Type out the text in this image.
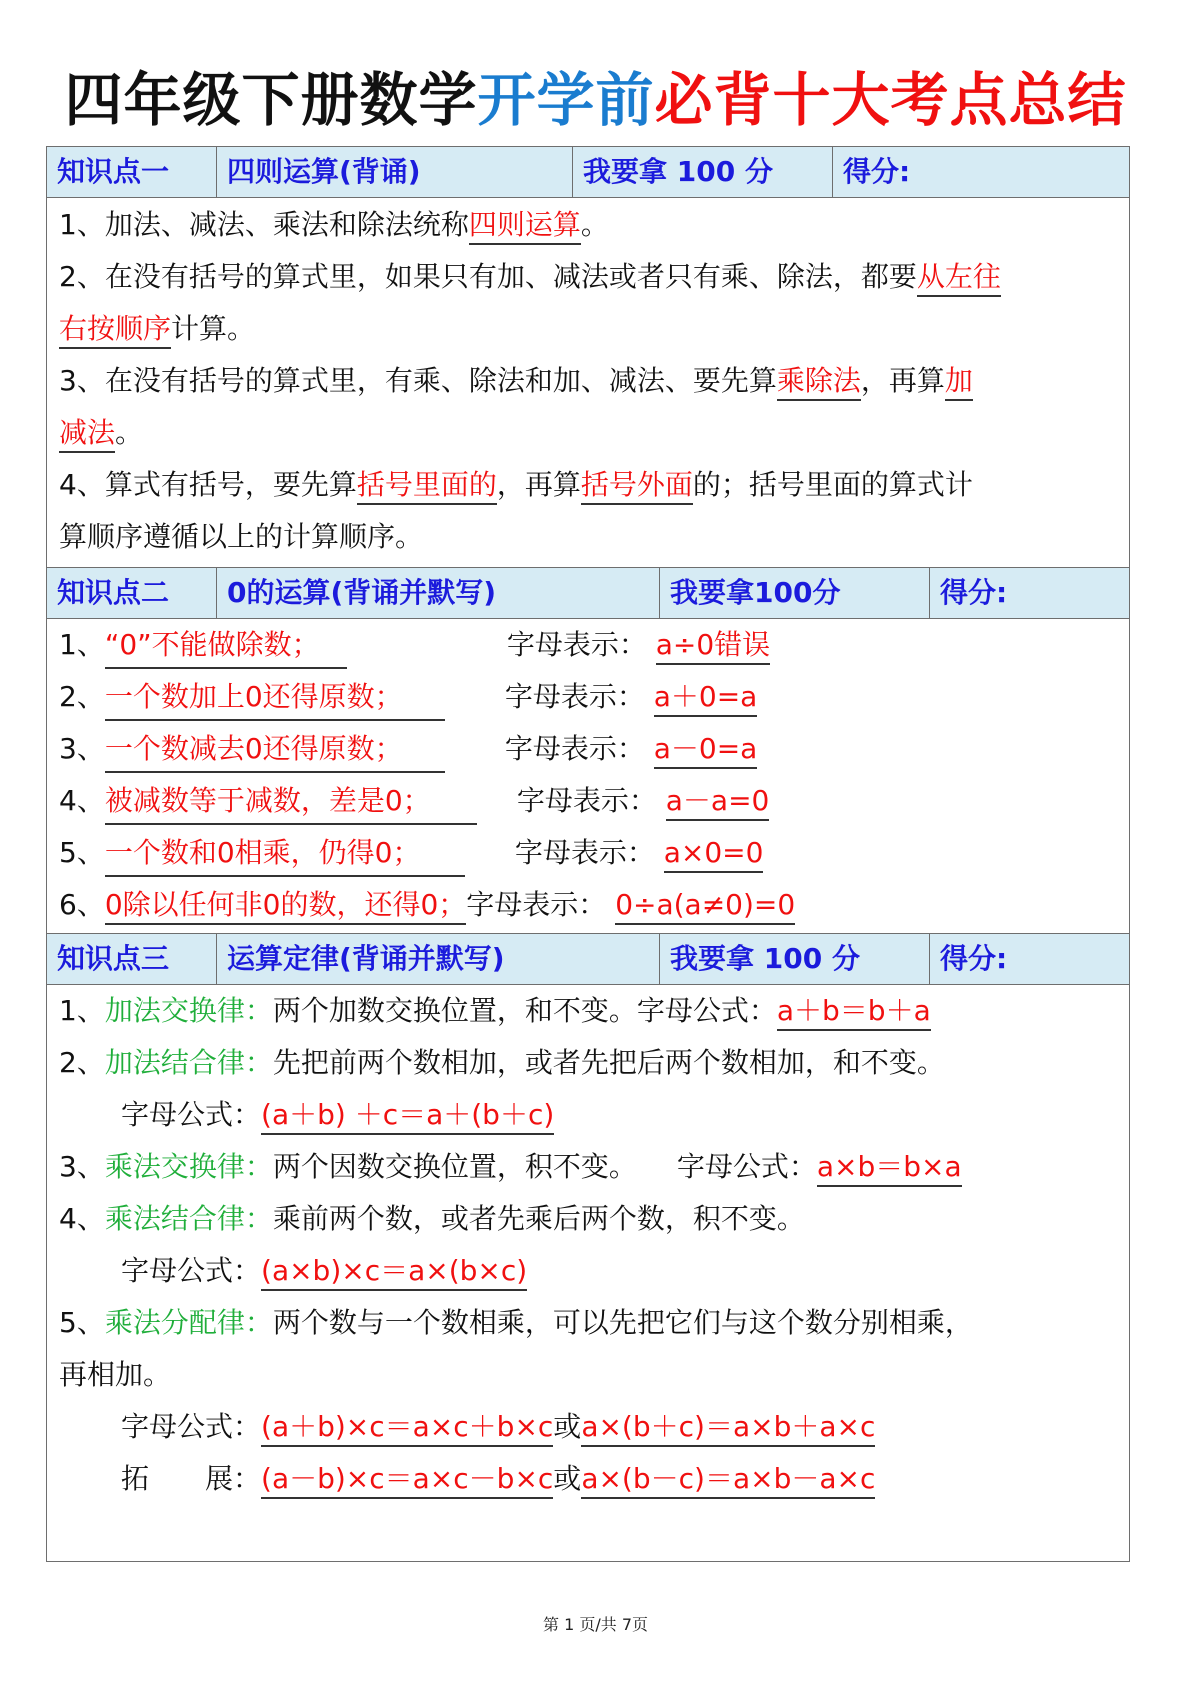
四年级下册数学开学前必背十大考点总结
知识点一	四则运算(背诵)	我要拿 100 分	得分:
1、加法、减法、乘法和除法统称四则运算。
2、在没有括号的算式里，如果只有加、减法或者只有乘、除法，都要从左往
右按顺序计算。
3、在没有括号的算式里，有乘、除法和加、减法、要先算乘除法，再算加
减法。
4、算式有括号，要先算括号里面的，再算括号外面的；括号里面的算式计
算顺序遵循以上的计算顺序。
知识点二	0的运算(背诵并默写)	我要拿100分	得分:
1、“0”不能做除数；	字母表示： a÷0错误
2、一个数加上0还得原数；	字母表示： a＋0=a
3、一个数减去0还得原数；	字母表示： a－0=a
4、被减数等于减数，差是0；	字母表示： a－a=0
5、一个数和0相乘，仍得0；	字母表示： a×0=0
6、0除以任何非0的数，还得0；字母表示： 0÷a(a≠0)=0
知识点三	运算定律(背诵并默写)	我要拿 100 分	得分:
1、加法交换律：两个加数交换位置，和不变。字母公式：a＋b＝b＋a
2、加法结合律：先把前两个数相加，或者先把后两个数相加，和不变。
字母公式：(a＋b) ＋c＝a＋(b＋c)
3、乘法交换律：两个因数交换位置，积不变。 字母公式：a×b＝b×a
4、乘法结合律：乘前两个数，或者先乘后两个数，积不变。
字母公式：(a×b)×c＝a×(b×c)
5、乘法分配律：两个数与一个数相乘，可以先把它们与这个数分别相乘，
再相加。
字母公式：(a＋b)×c＝a×c＋b×c或a×(b＋c)＝a×b＋a×c
拓　　展：(a－b)×c＝a×c－b×c或a×(b－c)＝a×b－a×c
第 1 页/共 7页
